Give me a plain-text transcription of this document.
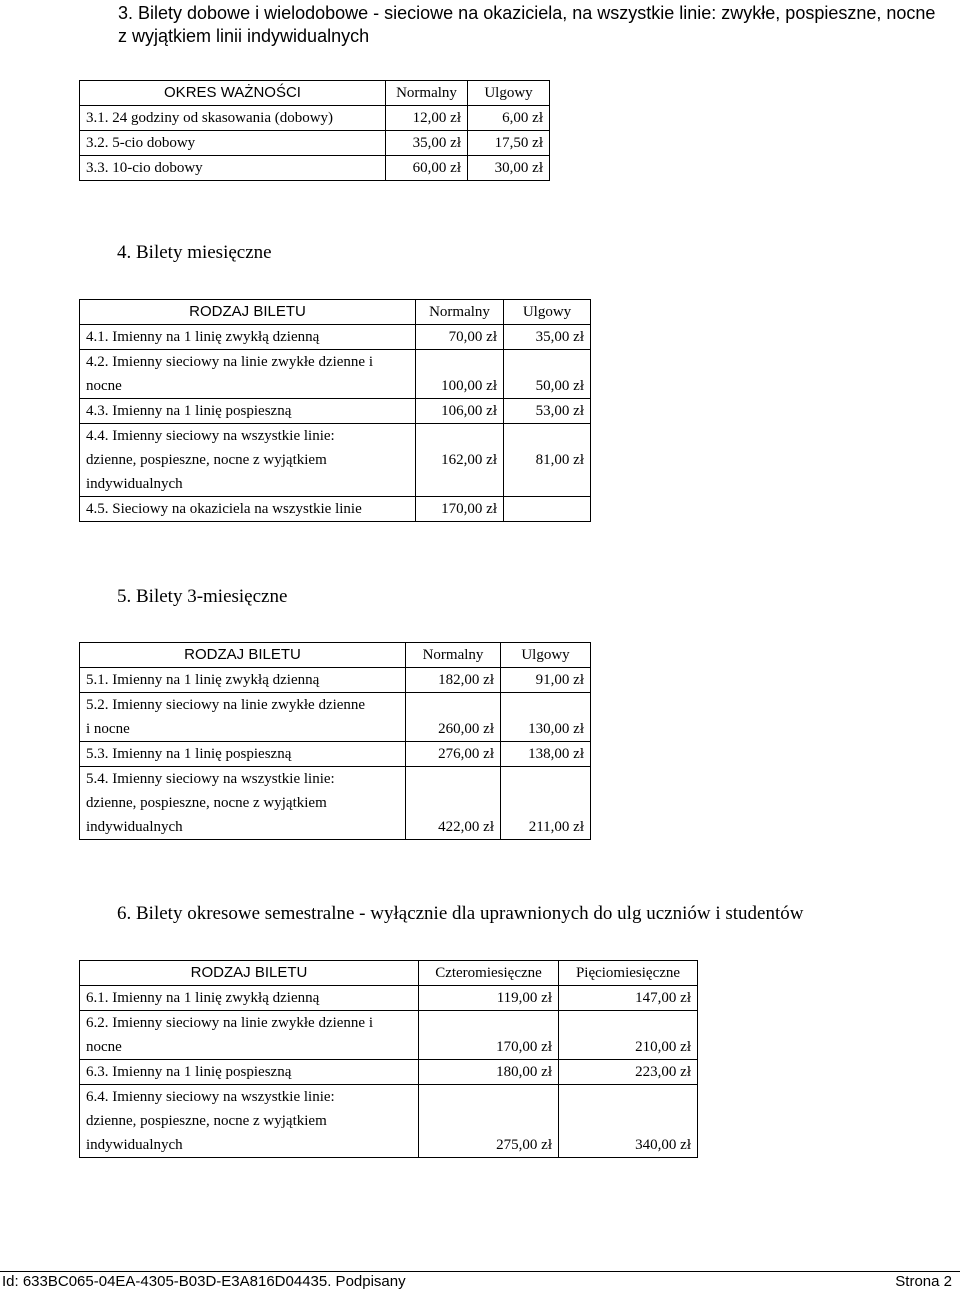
3. Bilety dobowe i wielodobowe - sieciowe na okaziciela, na wszystkie linie: zwykłe, pospieszne, nocne z wyjątkiem linii indywidualnych

OKRES WAŻNOŚCI	Normalny	Ulgowy
3.1. 24 godziny od skasowania (dobowy)	12,00 zł	6,00 zł
3.2. 5-cio dobowy	35,00 zł	17,50 zł
3.3. 10-cio dobowy	60,00 zł	30,00 zł

4. Bilety miesięczne

RODZAJ BILETU	Normalny	Ulgowy
4.1. Imienny na 1 linię zwykłą dzienną	70,00 zł	35,00 zł

4.2. Imienny sieciowy na linie zwykłe dzienne i
nocne	100,00 zł	50,00 zł
4.3. Imienny na 1 linię pospieszną	106,00 zł	53,00 zł

4.4. Imienny sieciowy na wszystkie linie:
dzienne, pospieszne, nocne z wyjątkiem
indywidualnych	162,00 zł	81,00 zł
4.5. Sieciowy na okaziciela na wszystkie linie	170,00 zł	

5. Bilety 3-miesięczne

RODZAJ BILETU	Normalny	Ulgowy
5.1. Imienny na 1 linię zwykłą dzienną	182,00 zł	91,00 zł

5.2. Imienny sieciowy na linie zwykłe dzienne
i nocne	260,00 zł	130,00 zł
5.3. Imienny na 1 linię pospieszną	276,00 zł	138,00 zł

5.4. Imienny sieciowy na wszystkie linie:
dzienne, pospieszne, nocne z wyjątkiem
indywidualnych	422,00 zł	211,00 zł

6. Bilety okresowe semestralne - wyłącznie dla uprawnionych do ulg uczniów i studentów

RODZAJ BILETU	Czteromiesięczne	Pięciomiesięczne
6.1. Imienny na 1 linię zwykłą dzienną	119,00 zł	147,00 zł

6.2. Imienny sieciowy na linie zwykłe dzienne i
nocne	170,00 zł	210,00 zł
6.3. Imienny na 1 linię pospieszną	180,00 zł	223,00 zł

6.4. Imienny sieciowy na wszystkie linie:
dzienne, pospieszne, nocne z wyjątkiem
indywidualnych	275,00 zł	340,00 zł
Id: 633BC065-04EA-4305-B03D-E3A816D04435. Podpisany	Strona 2
